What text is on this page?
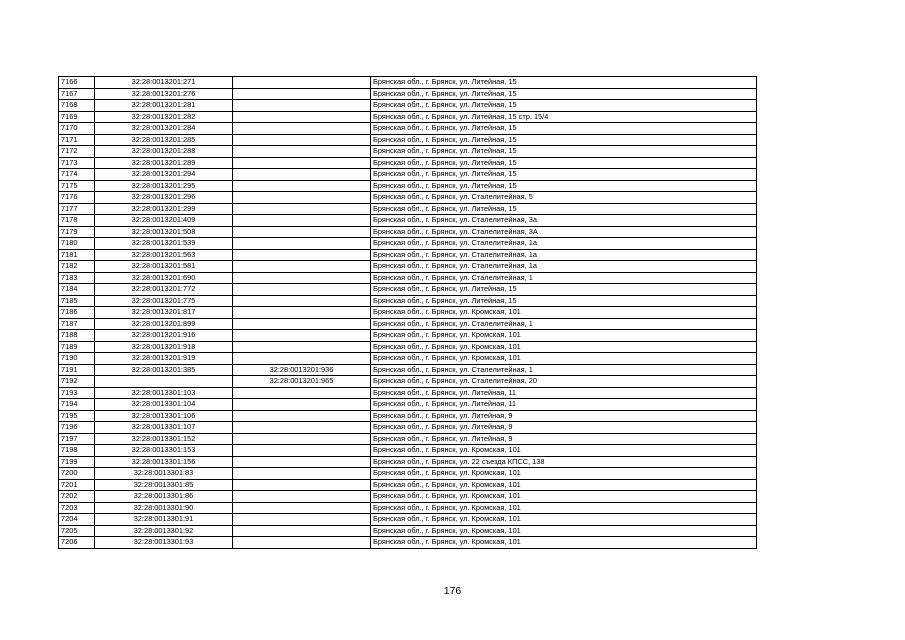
7166	32:28:0013201:271		Брянская обл., г. Брянск, ул. Литейная, 15
7167	32:28:0013201:276		Брянская обл., г. Брянск, ул. Литейная, 15
7168	32:28:0013201:281		Брянская обл., г. Брянск, ул. Литейная, 15
7169	32:28:0013201:282		Брянская обл., г. Брянск, ул. Литейная, 15 стр. 15/4
7170	32:28:0013201:284		Брянская обл., г. Брянск, ул. Литейная, 15
7171	32:28:0013201:285		Брянская обл., г. Брянск, ул. Литейная, 15
7172	32:28:0013201:288		Брянская обл., г. Брянск, ул. Литейная, 15
7173	32:28:0013201:289		Брянская обл., г. Брянск, ул. Литейная, 15
7174	32:28:0013201:294		Брянская обл., г. Брянск, ул. Литейная, 15
7175	32:28:0013201:295		Брянская обл., г. Брянск, ул. Литейная, 15
7176	32:28:0013201:296		Брянская обл., г. Брянск, ул. Сталелитейная, 5
7177	32:28:0013201:299		Брянская обл., г. Брянск, ул. Литейная, 15
7178	32:28:0013201:409		Брянская обл., г. Брянск, ул. Сталелитейная, 3а
7179	32:28:0013201:508		Брянская обл., г. Брянск, ул. Сталелитейная, 3А
7180	32:28:0013201:539		Брянская обл., г. Брянск, ул. Сталелитейная, 1а
7181	32:28:0013201:563		Брянская обл., г. Брянск, ул. Сталелитейная, 1а
7182	32:28:0013201:581		Брянская обл., г. Брянск, ул. Сталелитейная, 1а
7183	32:28:0013201:690		Брянская обл., г. Брянск, ул. Сталелитейная, 1
7184	32:28:0013201:772		Брянская обл., г. Брянск, ул. Литейная, 15
7185	32:28:0013201:775		Брянская обл., г. Брянск, ул. Литейная, 15
7186	32:28:0013201:817		Брянская обл., г. Брянск, ул. Кромская, 101
7187	32:28:0013201:899		Брянская обл., г. Брянск, ул. Сталелитейная, 1
7188	32:28:0013201:916		Брянская обл., г. Брянск, ул. Кромская, 101
7189	32:28:0013201:918		Брянская обл., г. Брянск, ул. Кромская, 101
7190	32:28:0013201:919		Брянская обл., г. Брянск, ул. Кромская, 101
7191	32:28:0013201:385	32:28:0013201:936	Брянская обл., г. Брянск, ул. Сталелитейная, 1
7192		32:28:0013201:965	Брянская обл., г. Брянск, ул. Сталелитейная, 20
7193	32:28:0013301:103		Брянская обл., г. Брянск, ул. Литейная, 11
7194	32:28:0013301:104		Брянская обл., г. Брянск, ул. Литейная, 11
7195	32:28:0013301:106		Брянская обл., г. Брянск, ул. Литейная, 9
7196	32:28:0013301:107		Брянская обл., г. Брянск, ул. Литейная, 9
7197	32:28:0013301:152		Брянская обл., г. Брянск, ул. Литейная, 9
7198	32:28:0013301:153		Брянская обл., г. Брянск, ул. Кромская, 101
7199	32:28:0013301:156		Брянская обл., г. Брянск, ул. 22 съезда КПСС, 138
7200	32:28:0013301:83		Брянская обл., г. Брянск, ул. Кромская, 101
7201	32:28:0013301:85		Брянская обл., г. Брянск, ул. Кромская, 101
7202	32:28:0013301:86		Брянская обл., г. Брянск, ул. Кромская, 101
7203	32:28:0013301:90		Брянская обл., г. Брянск, ул. Кромская, 101
7204	32:28:0013301:91		Брянская обл., г. Брянск, ул. Кромская, 101
7205	32:28:0013301:92		Брянская обл., г. Брянск, ул. Кромская, 101
7206	32:28:0013301:93		Брянская обл., г. Брянск, ул. Кромская, 101
176
